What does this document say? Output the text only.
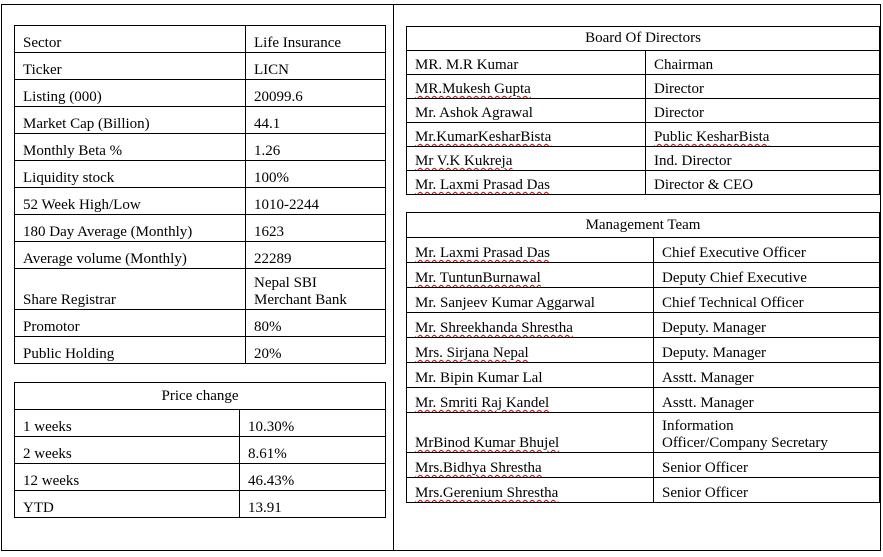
Sector	Life Insurance
Ticker	LICN
Listing (000)	20099.6
Market Cap (Billion)	44.1
Monthly Beta %	1.26
Liquidity stock	100%
52 Week High/Low	1010-2244
180 Day Average (Monthly)	1623
Average volume (Monthly)	22289
Share Registrar	Nepal SBI
Merchant Bank
Promotor	80%
Public Holding	20%
Price change	
1 weeks	10.30%
2 weeks	8.61%
12 weeks	46.43%
YTD	13.91
Board Of Directors	
MR. M.R Kumar	Chairman
MR.Mukesh Gupta	Director
Mr. Ashok Agrawal	Director
Mr.KumarKesharBista	Public KesharBista
Mr V.K Kukreja	Ind. Director
Mr. Laxmi Prasad Das	Director & CEO
Management Team	
Mr. Laxmi Prasad Das	Chief Executive Officer
Mr. TuntunBurnawal	Deputy Chief Executive
Mr. Sanjeev Kumar Aggarwal	Chief Technical Officer
Mr. Shreekhanda Shrestha	Deputy. Manager
Mrs. Sirjana Nepal	Deputy. Manager
Mr. Bipin Kumar Lal	Asstt. Manager
Mr. Smriti Raj Kandel	Asstt. Manager
MrBinod Kumar Bhujel	Information
Officer/Company Secretary
Mrs.Bidhya Shrestha	Senior Officer
Mrs.Gerenium Shrestha	Senior Officer
